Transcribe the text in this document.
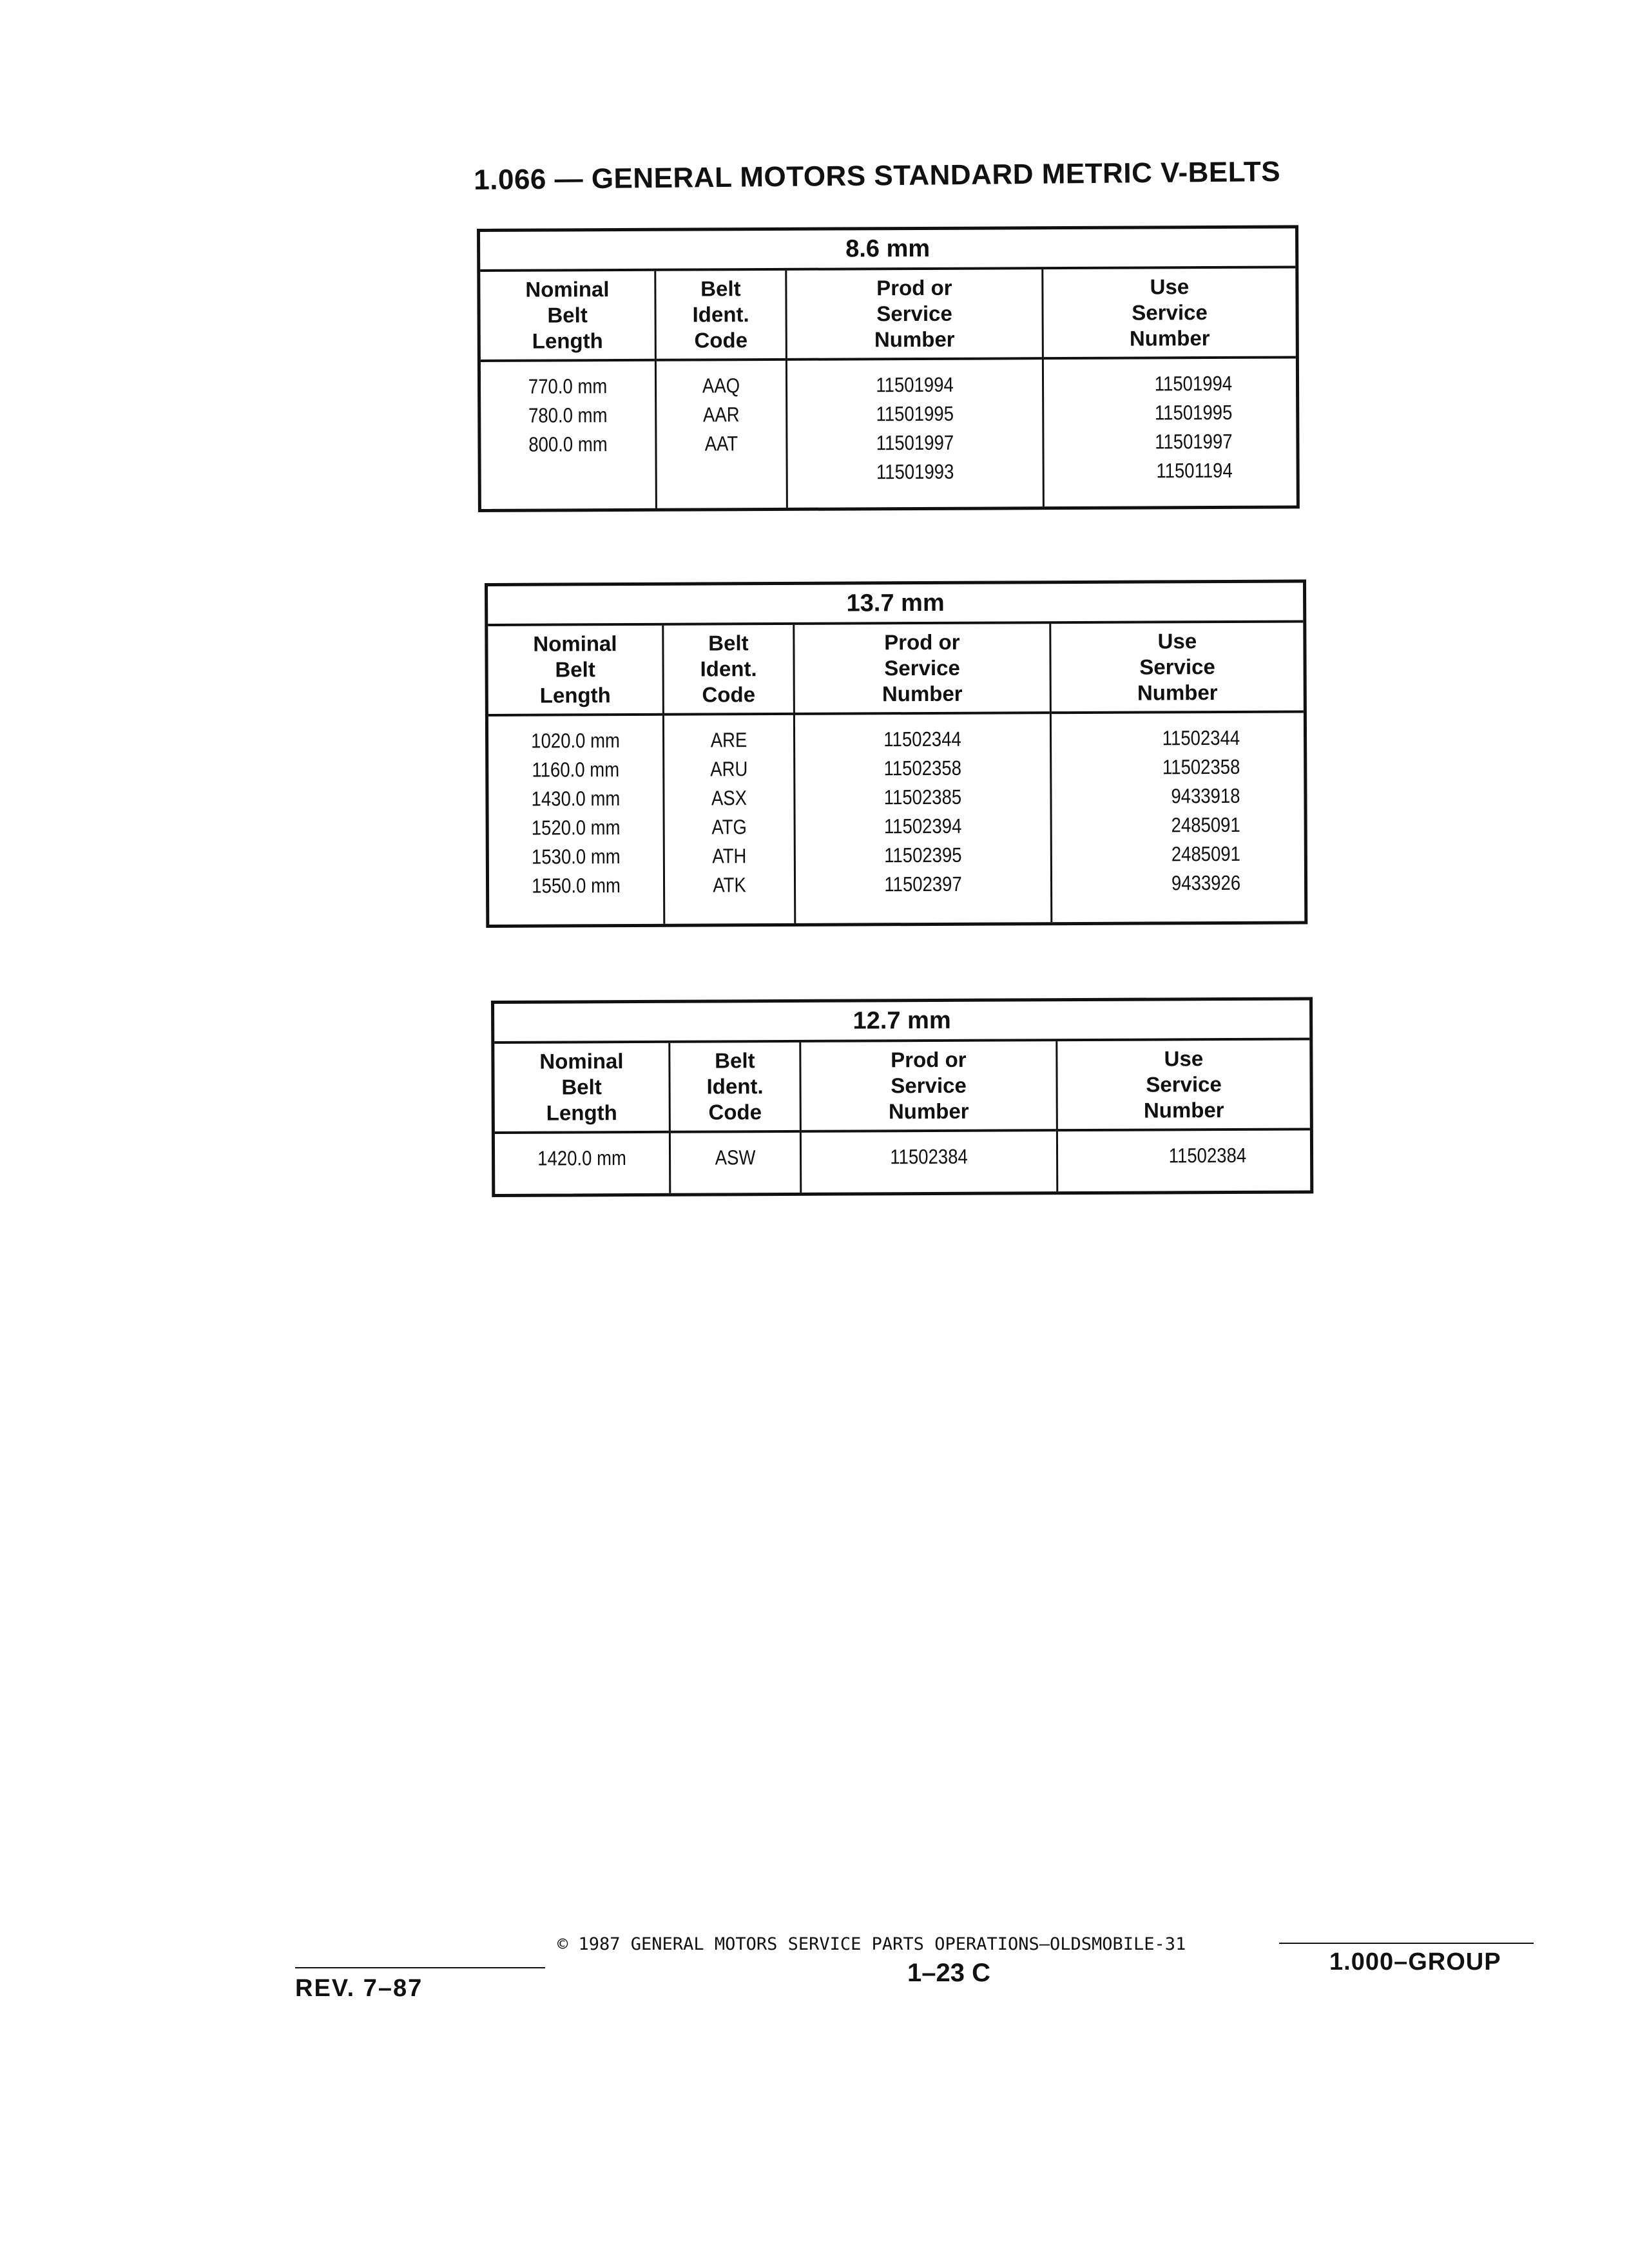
1.066 — GENERAL MOTORS STANDARD METRIC V-BELTS
8.6 mm
Nominal
Belt
Length
770.0 mm
780.0 mm
800.0 mm
Belt
Ident.
Code
AAQ
AAR
AAT
Prod or
Service
Number
11501994
11501995
11501997
11501993
Use
Service
Number
11501994
11501995
11501997
11501194
13.7 mm
Nominal
Belt
Length
1020.0 mm
1160.0 mm
1430.0 mm
1520.0 mm
1530.0 mm
1550.0 mm
Belt
Ident.
Code
ARE
ARU
ASX
ATG
ATH
ATK
Prod or
Service
Number
11502344
11502358
11502385
11502394
11502395
11502397
Use
Service
Number
11502344
11502358
9433918
2485091
2485091
9433926
12.7 mm
Nominal
Belt
Length
1420.0 mm
Belt
Ident.
Code
ASW
Prod or
Service
Number
11502384
Use
Service
Number
11502384
© 1987 GENERAL MOTORS SERVICE PARTS OPERATIONS—OLDSMOBILE-31
1–23 C
REV. 7–87
1.000–GROUP
